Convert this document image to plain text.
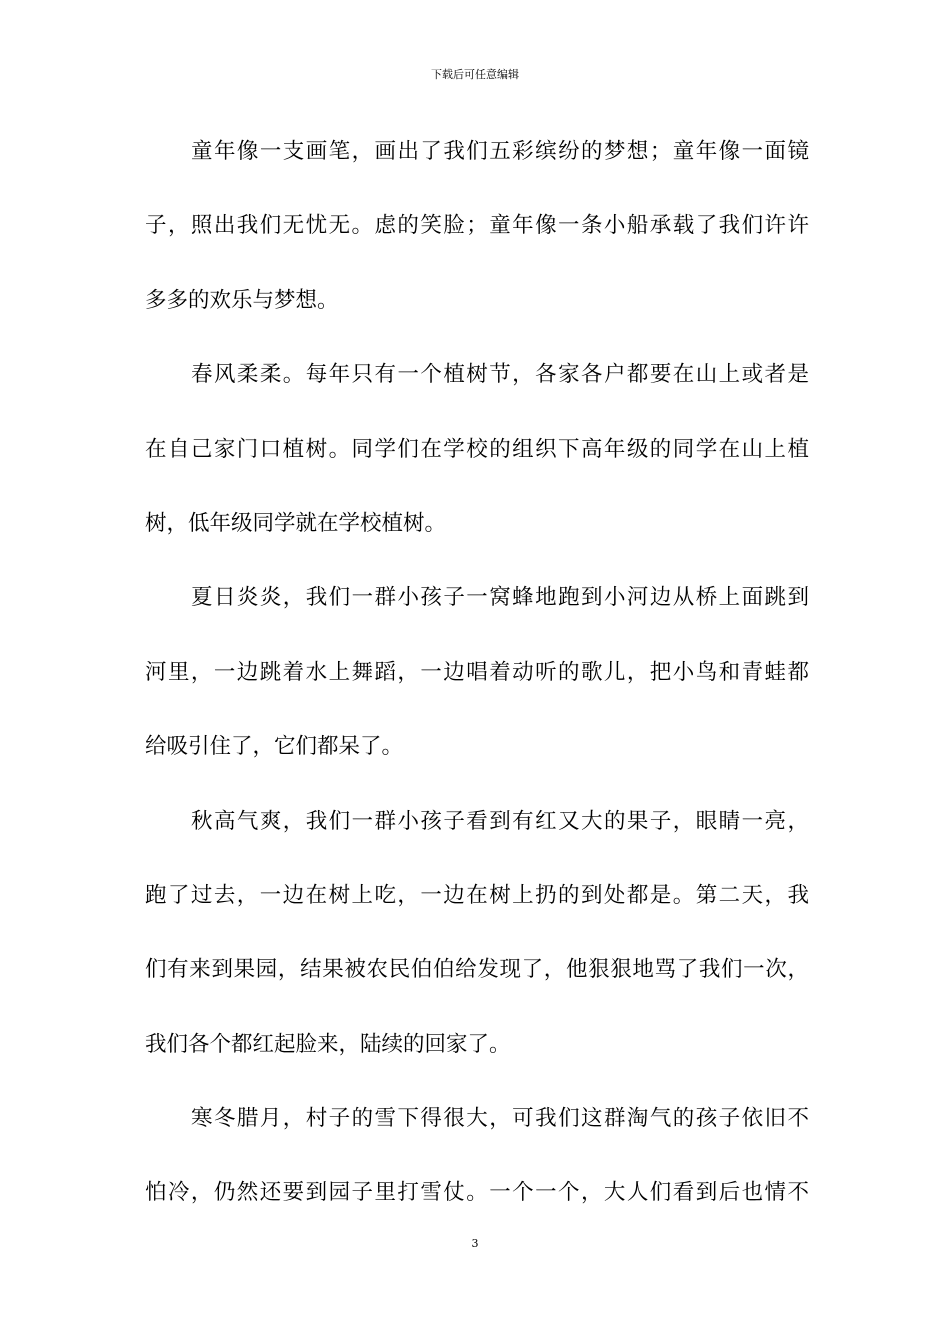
下载后可任意编辑

童年像一支画笔，画出了我们五彩缤纷的梦想；童年像一面镜
子，照出我们无忧无。虑的笑脸；童年像一条小船承载了我们许许
多多的欢乐与梦想。
春风柔柔。每年只有一个植树节，各家各户都要在山上或者是
在自己家门口植树。同学们在学校的组织下高年级的同学在山上植
树，低年级同学就在学校植树。
夏日炎炎，我们一群小孩子一窝蜂地跑到小河边从桥上面跳到
河里，一边跳着水上舞蹈，一边唱着动听的歌儿，把小鸟和青蛙都
给吸引住了，它们都呆了。
秋高气爽，我们一群小孩子看到有红又大的果子，眼睛一亮，
跑了过去，一边在树上吃，一边在树上扔的到处都是。第二天，我
们有来到果园，结果被农民伯伯给发现了，他狠狠地骂了我们一次，
我们各个都红起脸来，陆续的回家了。
寒冬腊月，村子的雪下得很大，可我们这群淘气的孩子依旧不
怕冷，仍然还要到园子里打雪仗。一个一个，大人们看到后也情不

3
